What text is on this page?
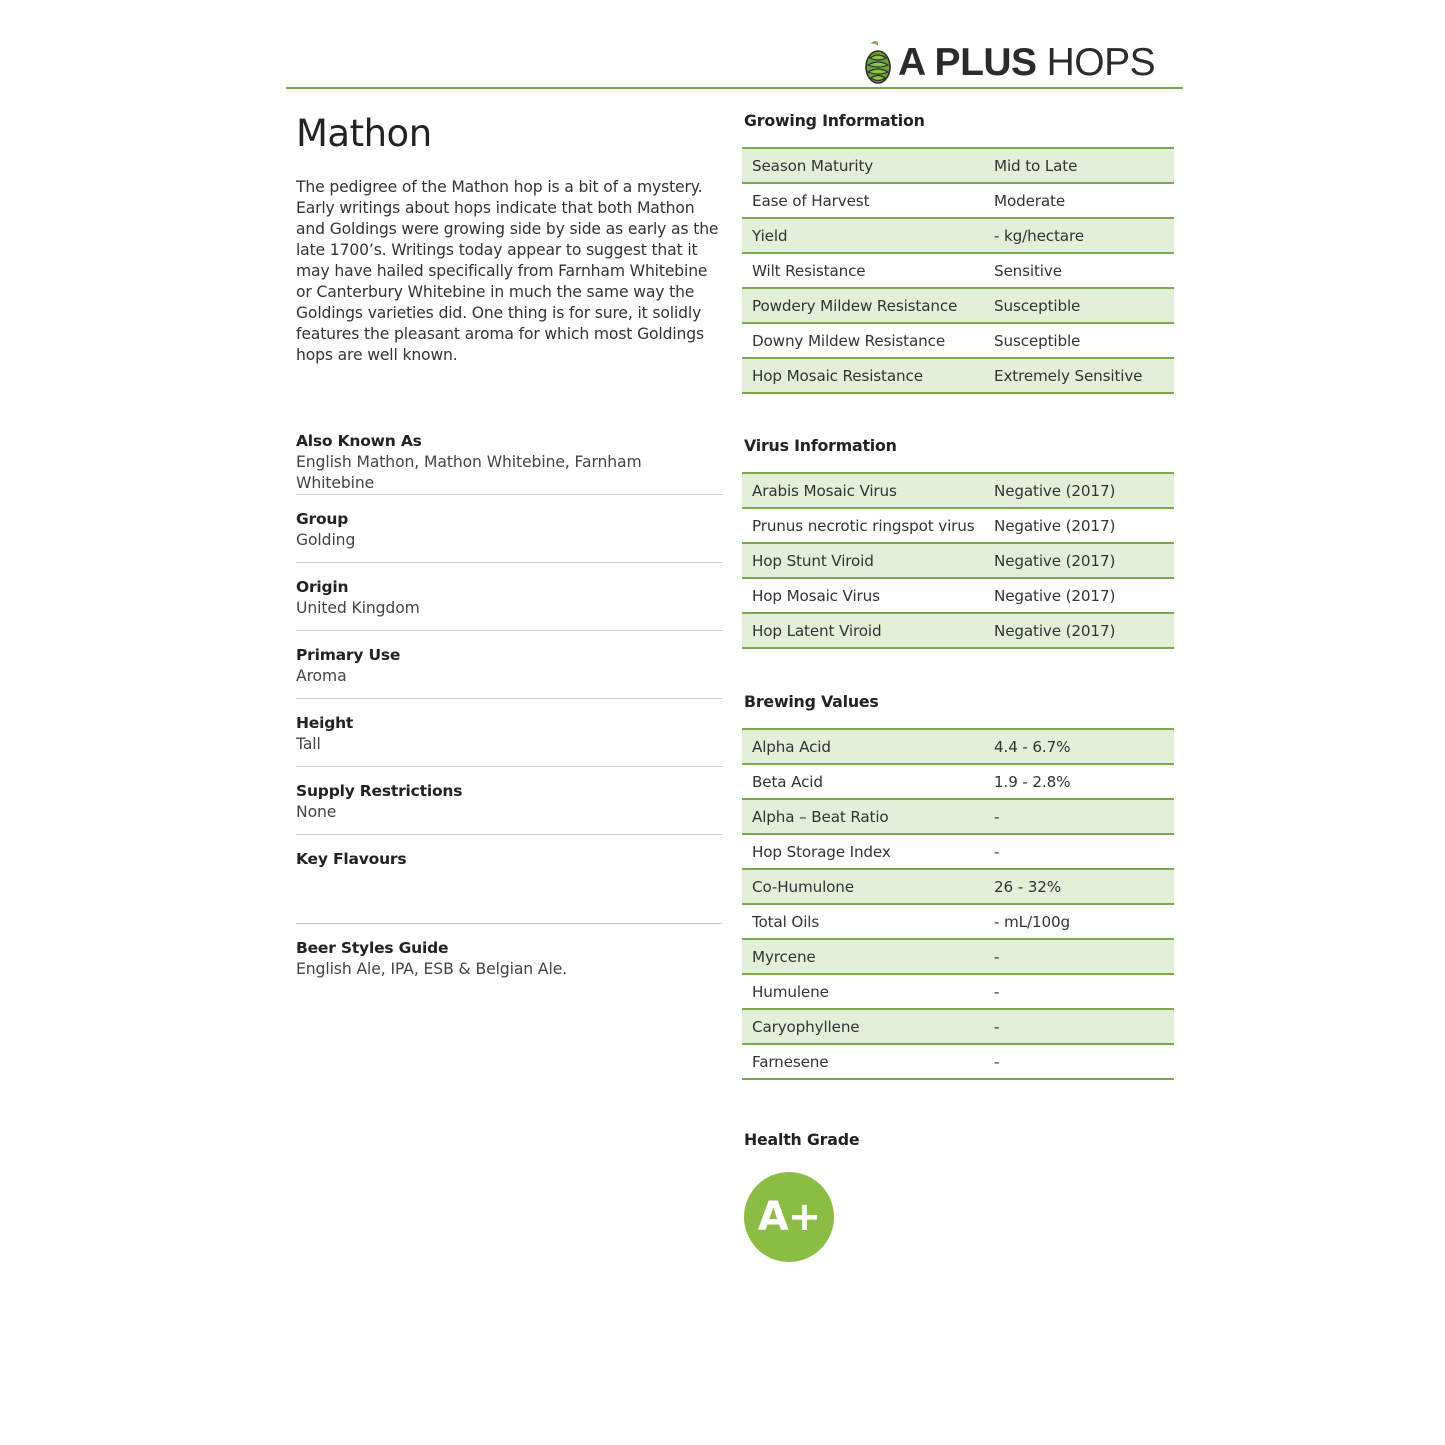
A PLUS HOPS
Mathon
The pedigree of the Mathon hop is a bit of a mystery. Early writings about hops indicate that both Mathon and Goldings were growing side by side as early as the late 1700’s. Writings today appear to suggest that it may have hailed specifically from Farnham Whitebine or Canterbury Whitebine in much the same way the Goldings varieties did. One thing is for sure, it solidly features the pleasant aroma for which most Goldings hops are well known.
Also Known As
English Mathon, Mathon Whitebine, Farnham Whitebine
Group
Golding
Origin
United Kingdom
Primary Use
Aroma
Height
Tall
Supply Restrictions
None
Key Flavours
Beer Styles Guide
English Ale, IPA, ESB & Belgian Ale.
Growing Information
Season Maturity	Mid to Late
Ease of Harvest	Moderate
Yield	- kg/hectare
Wilt Resistance	Sensitive
Powdery Mildew Resistance	Susceptible
Downy Mildew Resistance	Susceptible
Hop Mosaic Resistance	Extremely Sensitive
Virus Information
Arabis Mosaic Virus	Negative (2017)
Prunus necrotic ringspot virus	Negative (2017)
Hop Stunt Viroid	Negative (2017)
Hop Mosaic Virus	Negative (2017)
Hop Latent Viroid	Negative (2017)
Brewing Values
Alpha Acid	4.4 - 6.7%
Beta Acid	1.9 - 2.8%
Alpha – Beat Ratio	-
Hop Storage Index	-
Co-Humulone	26 - 32%
Total Oils	- mL/100g
Myrcene	-
Humulene	-
Caryophyllene	-
Farnesene	-
Health Grade
A+
